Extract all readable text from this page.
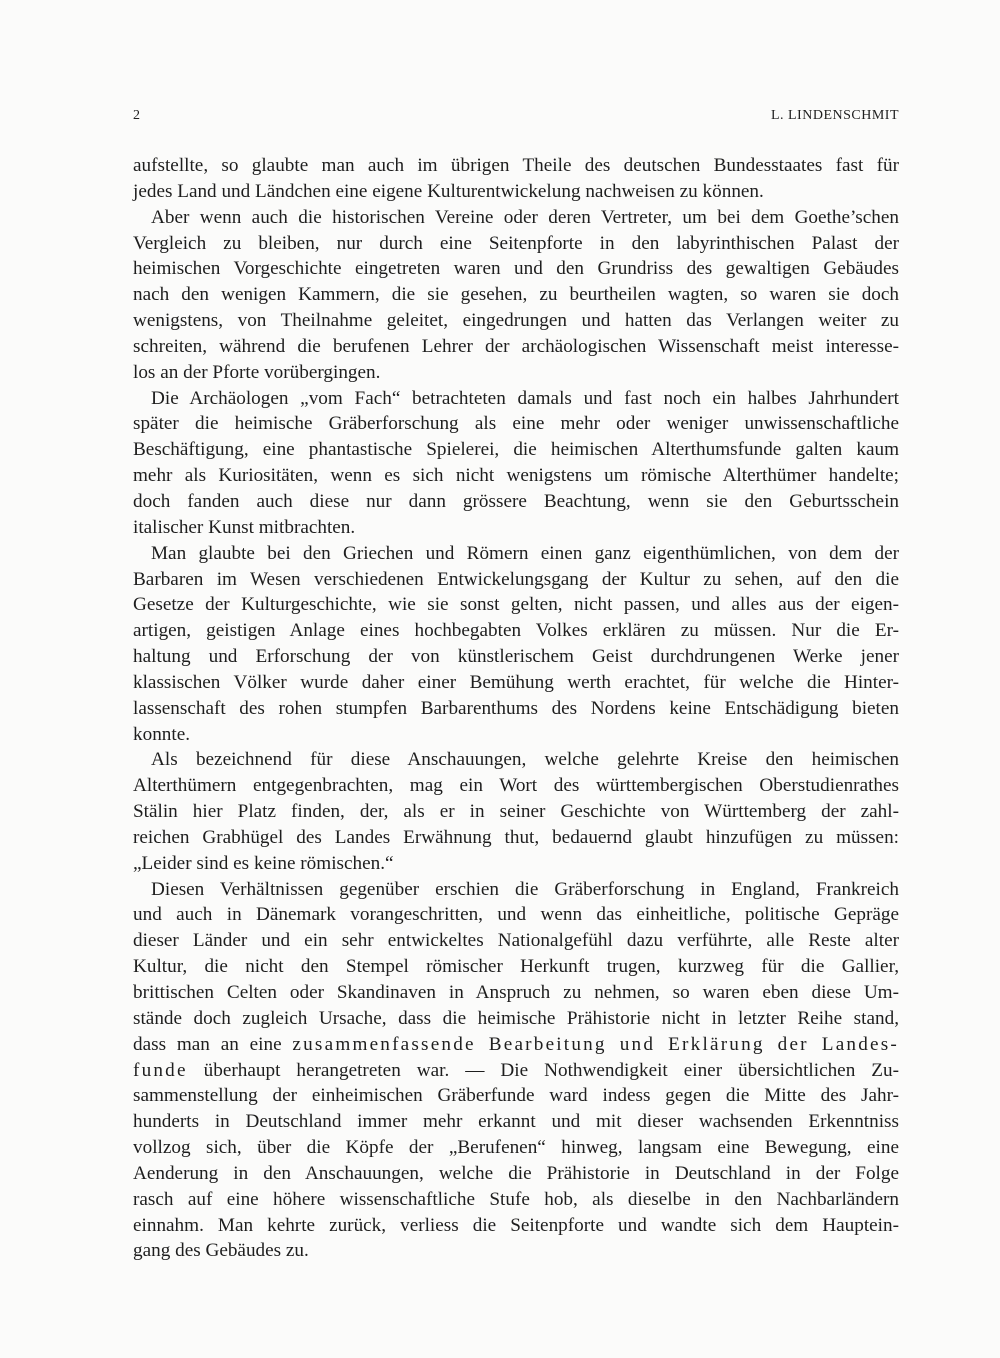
2	L. LINDENSCHMIT
aufstellte, so glaubte man auch im übrigen Theile des deutschen Bundesstaates fast für
jedes Land und Ländchen eine eigene Kulturentwickelung nachweisen zu können.
Aber wenn auch die historischen Vereine oder deren Vertreter, um bei dem Goethe’schen
Vergleich zu bleiben, nur durch eine Seitenpforte in den labyrinthischen Palast der
heimischen Vorgeschichte eingetreten waren und den Grundriss des gewaltigen Gebäudes
nach den wenigen Kammern, die sie gesehen, zu beurtheilen wagten, so waren sie doch
wenigstens, von Theilnahme geleitet, eingedrungen und hatten das Verlangen weiter zu
schreiten, während die berufenen Lehrer der archäologischen Wissenschaft meist interesse-
los an der Pforte vorübergingen.
Die Archäologen „vom Fach“ betrachteten damals und fast noch ein halbes Jahrhundert
später die heimische Gräberforschung als eine mehr oder weniger unwissenschaftliche
Beschäftigung, eine phantastische Spielerei, die heimischen Alterthumsfunde galten kaum
mehr als Kuriositäten, wenn es sich nicht wenigstens um römische Alterthümer handelte;
doch fanden auch diese nur dann grössere Beachtung, wenn sie den Geburtsschein
italischer Kunst mitbrachten.
Man glaubte bei den Griechen und Römern einen ganz eigenthümlichen, von dem der
Barbaren im Wesen verschiedenen Entwickelungsgang der Kultur zu sehen, auf den die
Gesetze der Kulturgeschichte, wie sie sonst gelten, nicht passen, und alles aus der eigen-
artigen, geistigen Anlage eines hochbegabten Volkes erklären zu müssen. Nur die Er-
haltung und Erforschung der von künstlerischem Geist durchdrungenen Werke jener
klassischen Völker wurde daher einer Bemühung werth erachtet, für welche die Hinter-
lassenschaft des rohen stumpfen Barbarenthums des Nordens keine Entschädigung bieten
konnte.
Als bezeichnend für diese Anschauungen, welche gelehrte Kreise den heimischen
Alterthümern entgegenbrachten, mag ein Wort des württembergischen Oberstudienrathes
Stälin hier Platz finden, der, als er in seiner Geschichte von Württemberg der zahl-
reichen Grabhügel des Landes Erwähnung thut, bedauernd glaubt hinzufügen zu müssen:
„Leider sind es keine römischen.“
Diesen Verhältnissen gegenüber erschien die Gräberforschung in England, Frankreich
und auch in Dänemark vorangeschritten, und wenn das einheitliche, politische Gepräge
dieser Länder und ein sehr entwickeltes Nationalgefühl dazu verführte, alle Reste alter
Kultur, die nicht den Stempel römischer Herkunft trugen, kurzweg für die Gallier,
brittischen Celten oder Skandinaven in Anspruch zu nehmen, so waren eben diese Um-
stände doch zugleich Ursache, dass die heimische Prähistorie nicht in letzter Reihe stand,
dass man an eine zusammenfassende Bearbeitung und Erklärung der Landes-
funde überhaupt herangetreten war. — Die Nothwendigkeit einer übersichtlichen Zu-
sammenstellung der einheimischen Gräberfunde ward indess gegen die Mitte des Jahr-
hunderts in Deutschland immer mehr erkannt und mit dieser wachsenden Erkenntniss
vollzog sich, über die Köpfe der „Berufenen“ hinweg, langsam eine Bewegung, eine
Aenderung in den Anschauungen, welche die Prähistorie in Deutschland in der Folge
rasch auf eine höhere wissenschaftliche Stufe hob, als dieselbe in den Nachbarländern
einnahm. Man kehrte zurück, verliess die Seitenpforte und wandte sich dem Hauptein-
gang des Gebäudes zu.
